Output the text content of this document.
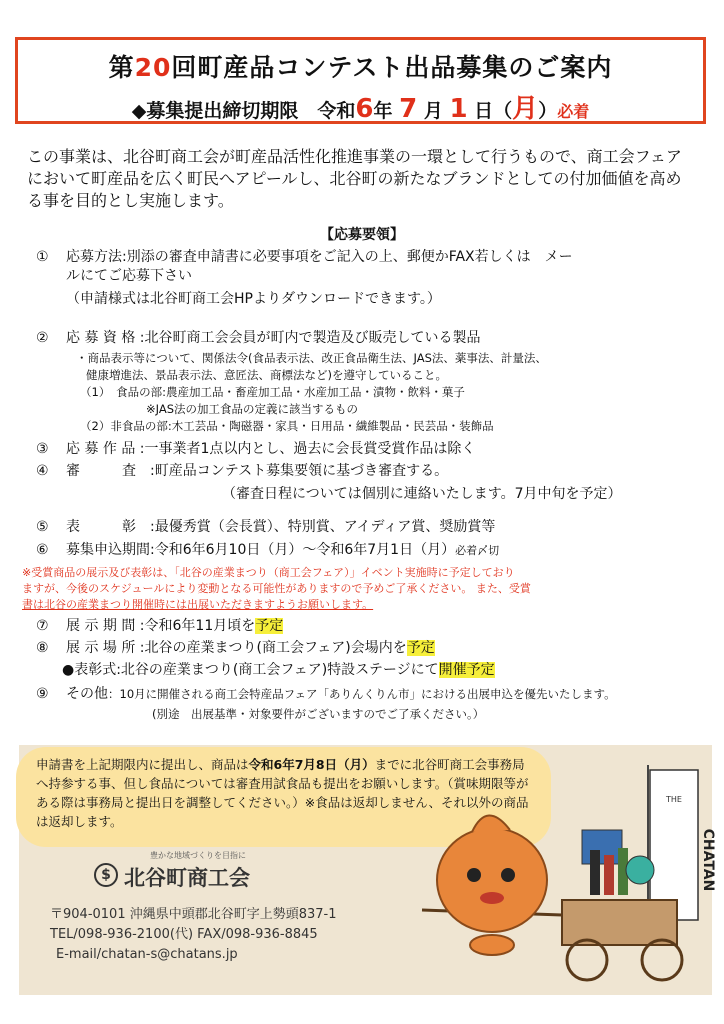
第20回町産品コンテスト出品募集のご案内
◆募集提出締切期限　令和6年 7 月 1 日（月）必着
この事業は、北谷町商工会が町産品活性化推進事業の一環として行うもので、商工会フェアにおいて町産品を広く町民へアピールし、北谷町の新たなブランドとしての付加価値を高める事を目的とし実施します。
【応募要領】
① 応募方法:別添の審査申請書に必要事項をご記入の上、郵便かFAX若しくは　メー
ルにてご応募下さい
（申請様式は北谷町商工会HPよりダウンロードできます。）
② 応 募 資 格 :北谷町商工会会員が町内で製造及び販売している製品
・商品表示等について、関係法令(食品表示法、改正食品衛生法、JAS法、薬事法、計量法、
健康増進法、景品表示法、意匠法、商標法など)を遵守していること。
（1）　食品の部:農産加工品・畜産加工品・水産加工品・漬物・飲料・菓子
※JAS法の加工食品の定義に該当するもの
（2）非食品の部:木工芸品・陶磁器・家具・日用品・繊維製品・民芸品・装飾品
③ 応 募 作 品 :一事業者1点以内とし、過去に会長賞受賞作品は除く
④ 審　　　査　:町産品コンテスト募集要領に基づき審査する。
（審査日程については個別に連絡いたします。7月中旬を予定）
⑤ 表　　　彰　:最優秀賞（会長賞）、特別賞、アイディア賞、奨励賞等
⑥ 募集申込期間:令和6年6月10日（月）～令和6年7月1日（月）必着〆切
※受賞商品の展示及び表彰は、「北谷の産業まつり（商工会フェア）」イベント実施時に予定しており
ますが、今後のスケジュールにより変動となる可能性がありますので予めご了承ください。 また、受賞
書は北谷の産業まつり開催時には出展いただきますようお願いします。
⑦ 展 示 期 間 :令和6年11月頃を予定
⑧ 展 示 場 所 :北谷の産業まつり(商工会フェア)会場内を予定
●表彰式:北谷の産業まつり(商工会フェア)特設ステージにて開催予定
⑨ その他：10月に開催される商工会特産品フェア「ありんくりん市」における出展申込を優先いたします。
(別途　出展基準・対象要件がございますのでご了承ください。）
申請書を上記期限内に提出し、商品は令和6年7月8日（月）までに北谷町商工会事務局へ持参する事、但し食品については審査用試食品も提出をお願いします。（賞味期限等がある際は事務局と提出日を調整してください。）※食品は返却しません、それ以外の商品は返却します。
豊かな地域づくりを目指に
$ 北谷町商工会
〒904-0101 沖縄県中頭郡北谷町字上勢頭837-1
TEL/098-936-2100(代) FAX/098-936-8845
E-mail/chatan-s@chatans.jp
THE
CHATAN
